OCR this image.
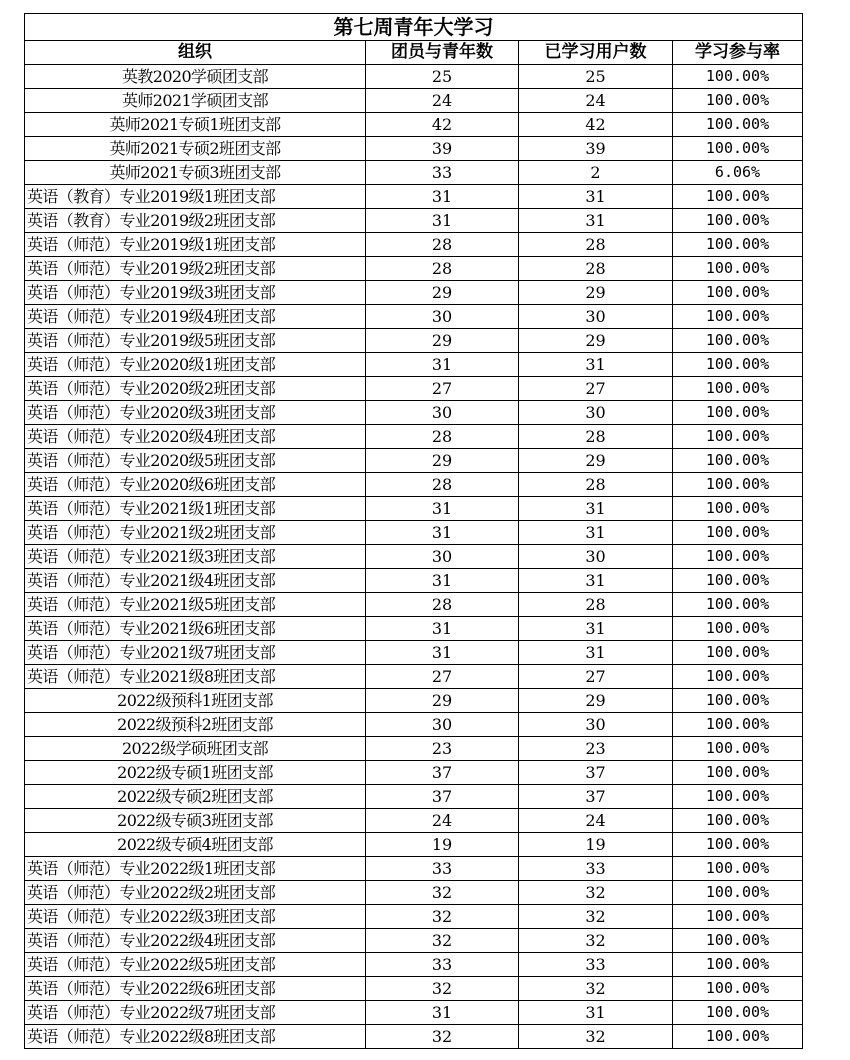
第七周青年大学习			
组织	团员与青年数	已学习用户数	学习参与率
英教2020学硕团支部	25	25	100.00%
英师2021学硕团支部	24	24	100.00%
英师2021专硕1班团支部	42	42	100.00%
英师2021专硕2班团支部	39	39	100.00%
英师2021专硕3班团支部	33	2	6.06%
英语（教育）专业2019级1班团支部	31	31	100.00%
英语（教育）专业2019级2班团支部	31	31	100.00%
英语（师范）专业2019级1班团支部	28	28	100.00%
英语（师范）专业2019级2班团支部	28	28	100.00%
英语（师范）专业2019级3班团支部	29	29	100.00%
英语（师范）专业2019级4班团支部	30	30	100.00%
英语（师范）专业2019级5班团支部	29	29	100.00%
英语（师范）专业2020级1班团支部	31	31	100.00%
英语（师范）专业2020级2班团支部	27	27	100.00%
英语（师范）专业2020级3班团支部	30	30	100.00%
英语（师范）专业2020级4班团支部	28	28	100.00%
英语（师范）专业2020级5班团支部	29	29	100.00%
英语（师范）专业2020级6班团支部	28	28	100.00%
英语（师范）专业2021级1班团支部	31	31	100.00%
英语（师范）专业2021级2班团支部	31	31	100.00%
英语（师范）专业2021级3班团支部	30	30	100.00%
英语（师范）专业2021级4班团支部	31	31	100.00%
英语（师范）专业2021级5班团支部	28	28	100.00%
英语（师范）专业2021级6班团支部	31	31	100.00%
英语（师范）专业2021级7班团支部	31	31	100.00%
英语（师范）专业2021级8班团支部	27	27	100.00%
2022级预科1班团支部	29	29	100.00%
2022级预科2班团支部	30	30	100.00%
2022级学硕班团支部	23	23	100.00%
2022级专硕1班团支部	37	37	100.00%
2022级专硕2班团支部	37	37	100.00%
2022级专硕3班团支部	24	24	100.00%
2022级专硕4班团支部	19	19	100.00%
英语（师范）专业2022级1班团支部	33	33	100.00%
英语（师范）专业2022级2班团支部	32	32	100.00%
英语（师范）专业2022级3班团支部	32	32	100.00%
英语（师范）专业2022级4班团支部	32	32	100.00%
英语（师范）专业2022级5班团支部	33	33	100.00%
英语（师范）专业2022级6班团支部	32	32	100.00%
英语（师范）专业2022级7班团支部	31	31	100.00%
英语（师范）专业2022级8班团支部	32	32	100.00%
